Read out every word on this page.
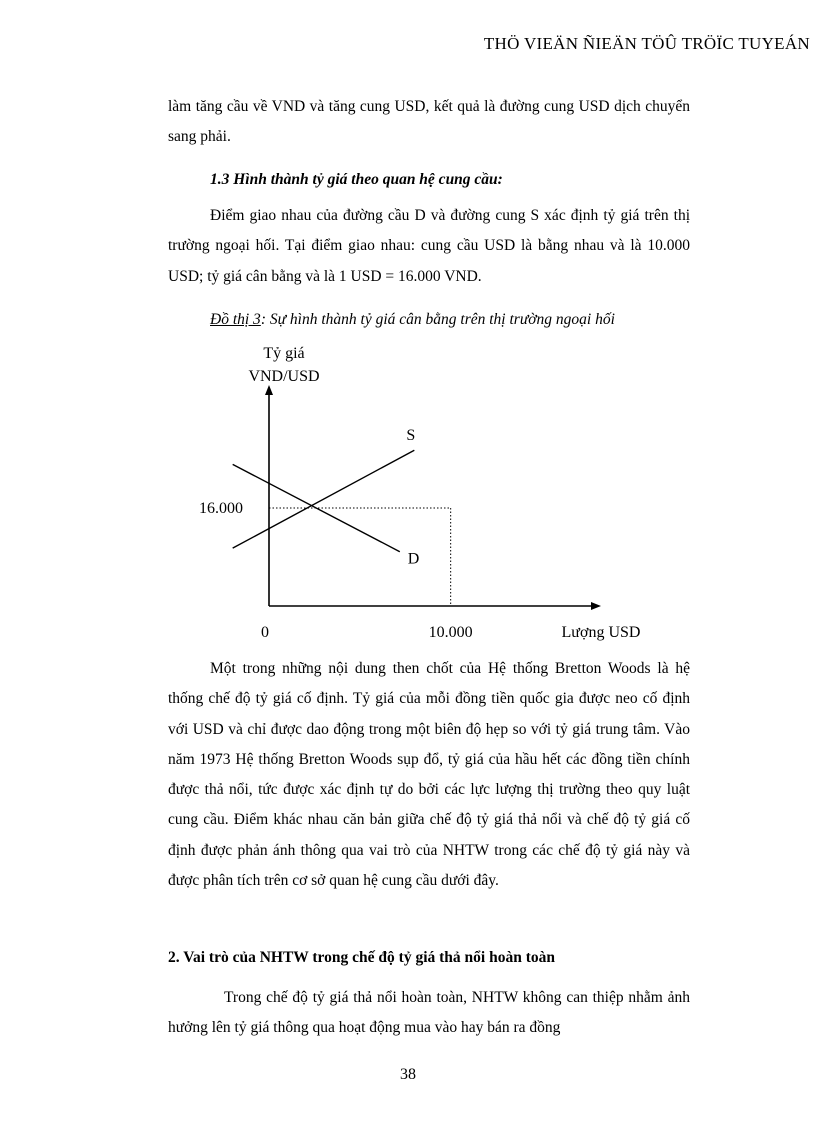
THÖ VIEÄN ÑIEÄN TÖÛ TRÖÏC TUYEÁN

làm tăng cầu về VND và tăng cung USD, kết quả là đường cung USD dịch chuyển sang phải.

1.3 Hình thành tỷ giá theo quan hệ cung cầu:

Điểm giao nhau của đường cầu D và đường cung S xác định tỷ giá trên thị trường ngoại hối. Tại điểm giao nhau: cung cầu USD là bằng nhau và là 10.000 USD; tỷ giá cân bằng và là 1 USD = 16.000 VND.

Đồ thị 3: Sự hình thành tỷ giá cân bằng trên thị trường ngoại hối

S
D
Tỷ giá
VND/USD
16.000
0	10.000	Lượng USD

Một trong những nội dung then chốt của Hệ thống Bretton Woods là hệ thống chế độ tỷ giá cố định. Tỷ giá của mỗi đồng tiền quốc gia được neo cố định với USD và chỉ được dao động trong một biên độ hẹp so với tỷ giá trung tâm. Vào năm 1973 Hệ thống Bretton Woods sụp đổ, tỷ giá của hầu hết các đồng tiền chính được thả nổi, tức được xác định tự do bởi các lực lượng thị trường theo quy luật cung cầu. Điểm khác nhau căn bản giữa chế độ tỷ giá thả nổi và chế độ tỷ giá cố định được phản ánh thông qua vai trò của NHTW trong các chế độ tỷ giá này và được phân tích trên cơ sở quan hệ cung cầu dưới đây.

2. Vai trò của NHTW trong chế độ tỷ giá thả nổi hoàn toàn

Trong chế độ tỷ giá thả nổi hoàn toàn, NHTW không can thiệp nhằm ảnh hưởng lên tỷ giá thông qua hoạt động mua vào hay bán ra đồng

38
